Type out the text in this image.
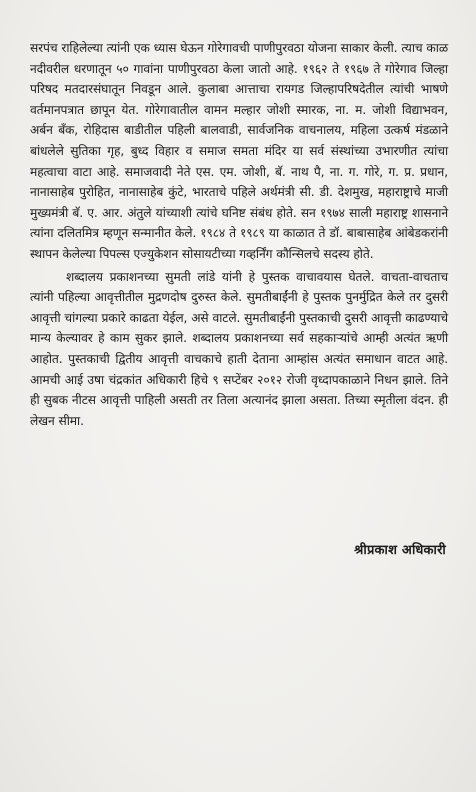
सरपंच राहिलेल्या त्यांनी एक ध्यास घेऊन गोरेगावची पाणीपुरवठा योजना साकार केली. त्याच काळ नदीवरील धरणातून ५० गावांना पाणीपुरवठा केला जातो आहे. १९६२ ते १९६७ ते गोरेगाव जिल्हा परिषद मतदारसंघातून निवडून आले. कुलाबा आत्ताचा रायगड जिल्हापरिषदेतील त्यांची भाषणे वर्तमानपत्रात छापून येत. गोरेगावातील वामन मल्हार जोशी स्मारक, ना. म. जोशी विद्याभवन, अर्बन बँक, रोहिदास बाडीतील पहिली बालवाडी, सार्वजनिक वाचनालय, महिला उत्कर्ष मंडळाने बांधलेले सुतिका गृह, बुध्द विहार व समाज समता मंदिर या सर्व संस्थांच्या उभारणीत त्यांचा महत्वाचा वाटा आहे. समाजवादी नेते एस. एम. जोशी, बॅ. नाथ पै, ना. ग. गोरे, ग. प्र. प्रधान, नानासाहेब पुरोहित, नानासाहेब कुंटे, भारताचे पहिले अर्थमंत्री सी. डी. देशमुख, महाराष्ट्राचे माजी मुख्यमंत्री बॅ. ए. आर. अंतुले यांच्याशी त्यांचे घनिष्ट संबंध होते. सन १९७४ साली महाराष्ट्र शासनाने त्यांना दलितमित्र म्हणून सन्मानीत केले. १९८४ ते १९८९ या काळात ते डॉ. बाबासाहेब आंबेडकरांनी स्थापन केलेल्या पिपल्स एज्युकेशन सोसायटीच्या गव्हर्निंग कौन्सिलचे सदस्य होते.

शब्दालय प्रकाशनच्या सुमती लांडे यांनी हे पुस्तक वाचावयास घेतले. वाचता-वाचताच त्यांनी पहिल्या आवृत्तीतील मुद्रणदोष दुरुस्त केले. सुमतीबाईंनी हे पुस्तक पुनर्मुद्रित केले तर दुसरी आवृत्ती चांगल्या प्रकारे काढता येईल, असे वाटले. सुमतीबाईंनी पुस्तकाची दुसरी आवृत्ती काढण्याचे मान्य केल्यावर हे काम सुकर झाले. शब्दालय प्रकाशनच्या सर्व सहकाऱ्यांचे आम्ही अत्यंत ऋणी आहोत. पुस्तकाची द्वितीय आवृत्ती वाचकाचे हाती देताना आम्हांस अत्यंत समाधान वाटत आहे. आमची आई उषा चंद्रकांत अधिकारी हिचे ९ सप्टेंबर २०१२ रोजी वृध्दापकाळाने निधन झाले. तिने ही सुबक नीटस आवृत्ती पाहिली असती तर तिला अत्यानंद झाला असता. तिच्या स्मृतीला वंदन. ही लेखन सीमा.

श्रीप्रकाश अधिकारी
